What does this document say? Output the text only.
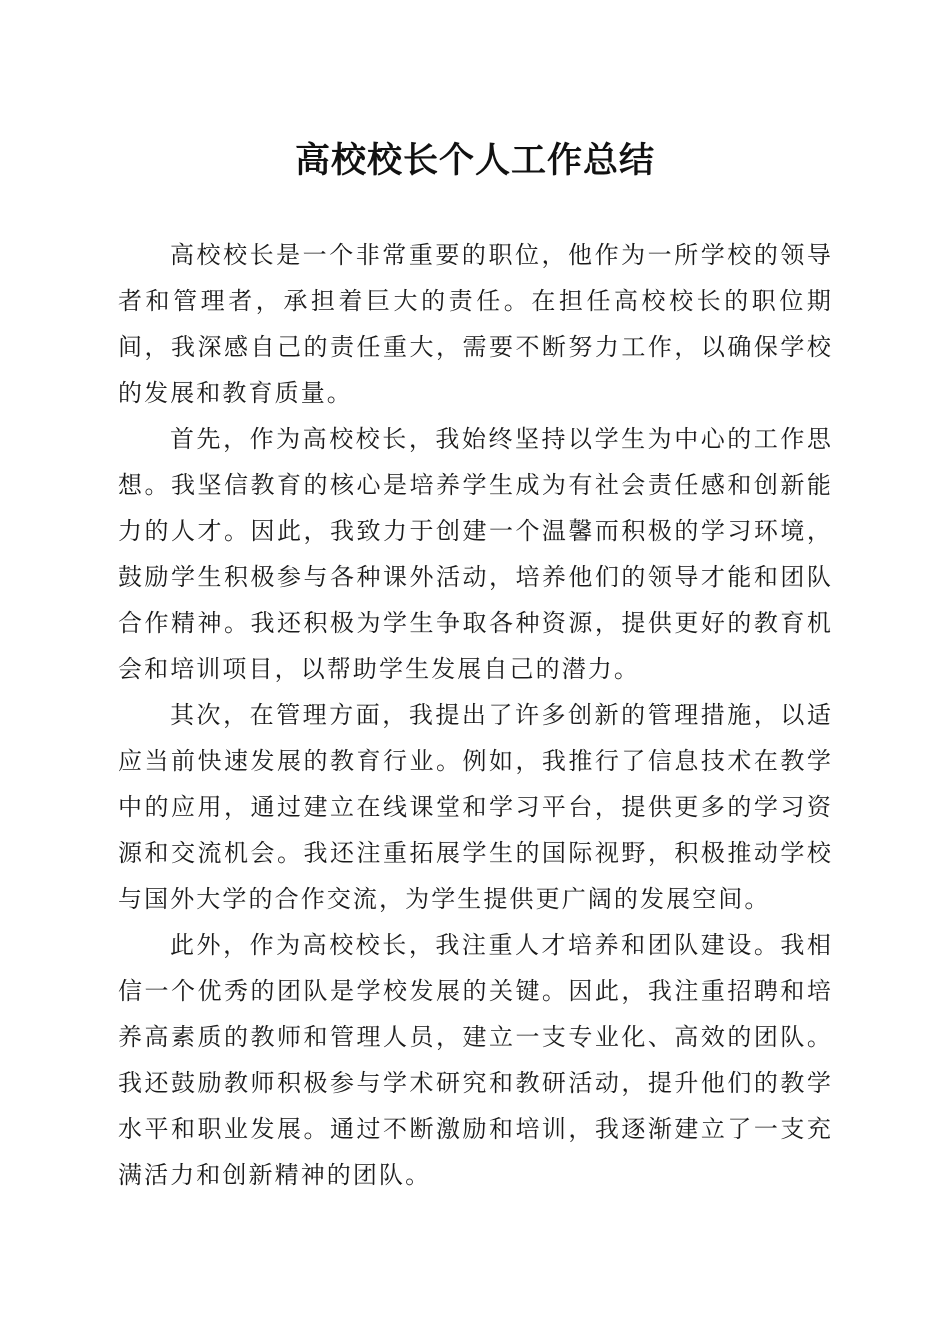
高校校长个人工作总结

高校校长是一个非常重要的职位，他作为一所学校的领导者和管理者，承担着巨大的责任。在担任高校校长的职位期间，我深感自己的责任重大，需要不断努力工作，以确保学校的发展和教育质量。

首先，作为高校校长，我始终坚持以学生为中心的工作思想。我坚信教育的核心是培养学生成为有社会责任感和创新能力的人才。因此，我致力于创建一个温馨而积极的学习环境，鼓励学生积极参与各种课外活动，培养他们的领导才能和团队合作精神。我还积极为学生争取各种资源，提供更好的教育机会和培训项目，以帮助学生发展自己的潜力。

其次，在管理方面，我提出了许多创新的管理措施，以适应当前快速发展的教育行业。例如，我推行了信息技术在教学中的应用，通过建立在线课堂和学习平台，提供更多的学习资源和交流机会。我还注重拓展学生的国际视野，积极推动学校与国外大学的合作交流，为学生提供更广阔的发展空间。

此外，作为高校校长，我注重人才培养和团队建设。我相信一个优秀的团队是学校发展的关键。因此，我注重招聘和培养高素质的教师和管理人员，建立一支专业化、高效的团队。我还鼓励教师积极参与学术研究和教研活动，提升他们的教学水平和职业发展。通过不断激励和培训，我逐渐建立了一支充满活力和创新精神的团队。
